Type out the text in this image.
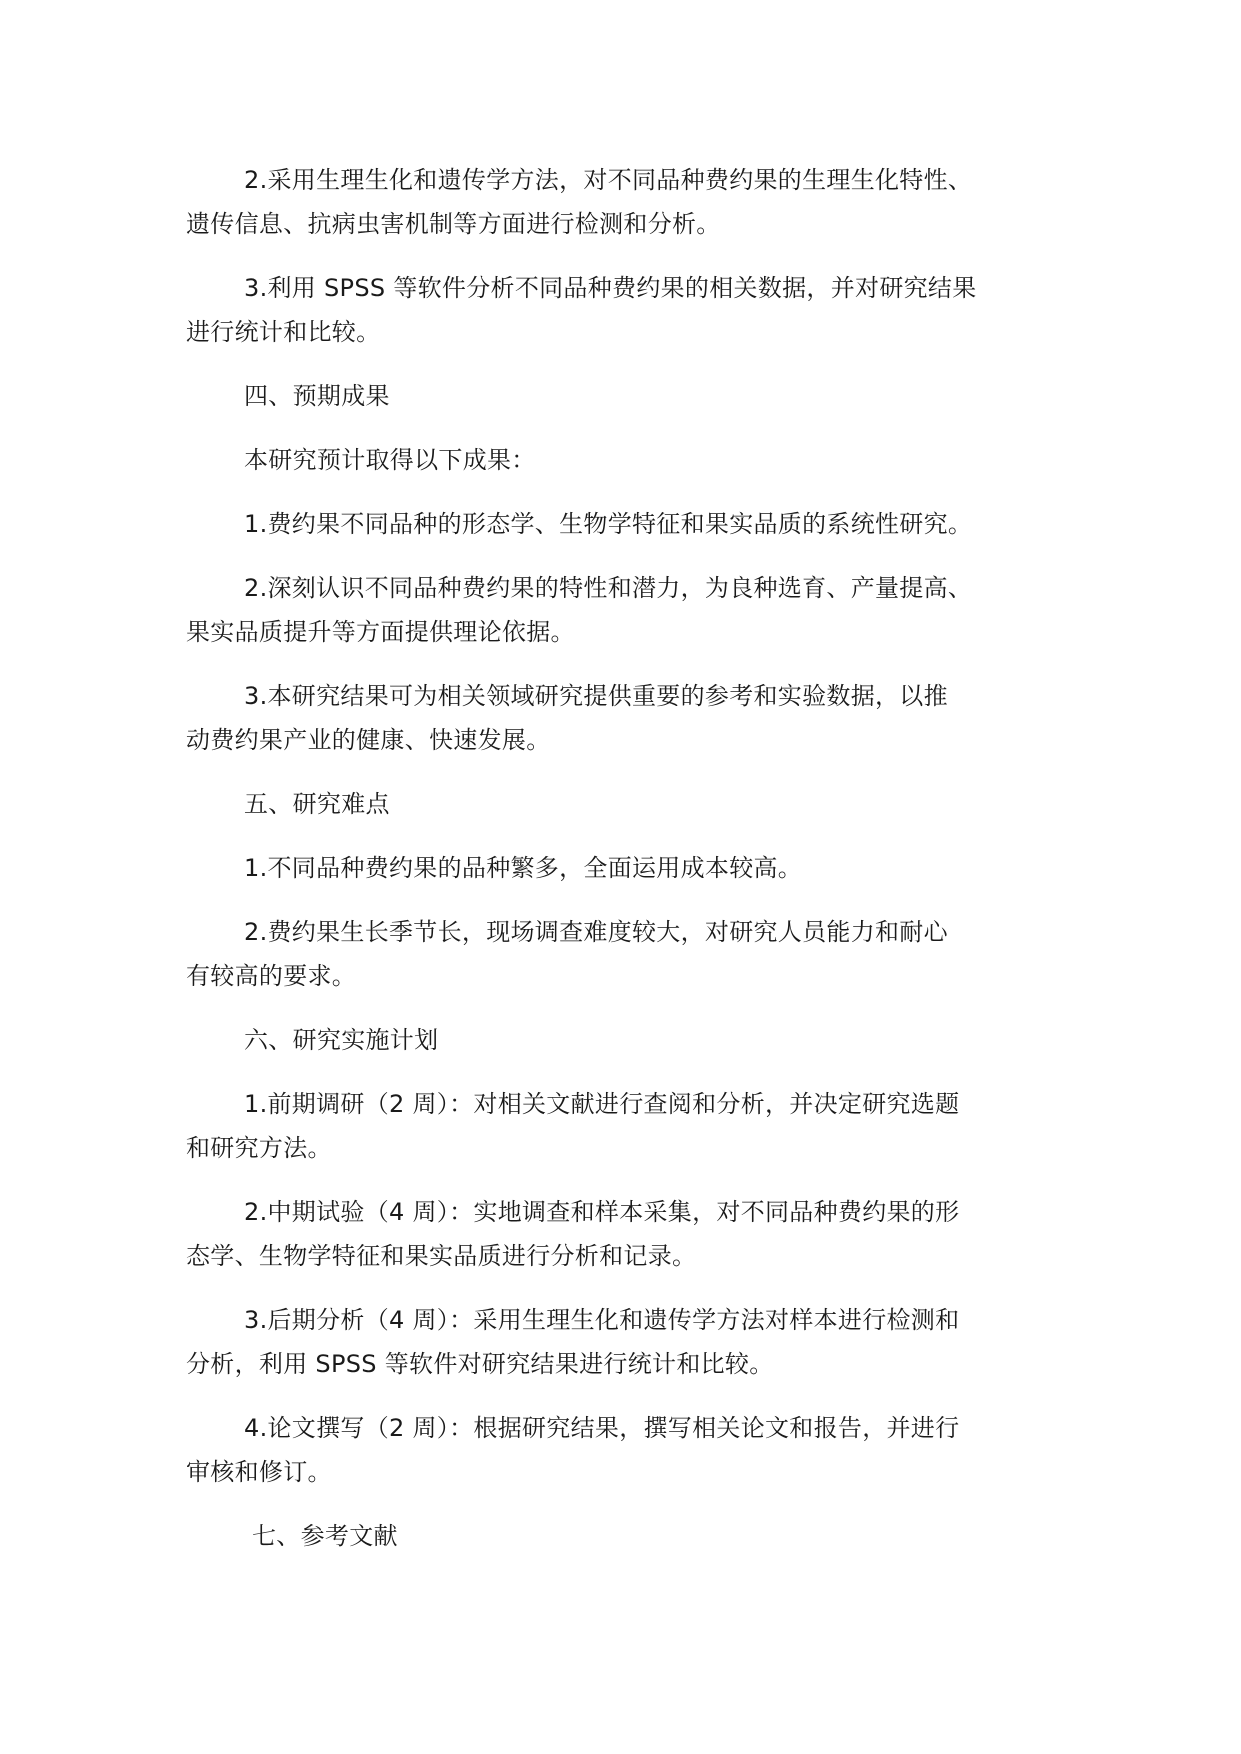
2.采用生理生化和遗传学方法，对不同品种费约果的生理生化特性、
遗传信息、抗病虫害机制等方面进行检测和分析。

3.利用 SPSS 等软件分析不同品种费约果的相关数据，并对研究结果
进行统计和比较。

四、预期成果

本研究预计取得以下成果：

1.费约果不同品种的形态学、生物学特征和果实品质的系统性研究。

2.深刻认识不同品种费约果的特性和潜力，为良种选育、产量提高、
果实品质提升等方面提供理论依据。

3.本研究结果可为相关领域研究提供重要的参考和实验数据，以推
动费约果产业的健康、快速发展。

五、研究难点

1.不同品种费约果的品种繁多，全面运用成本较高。

2.费约果生长季节长，现场调查难度较大，对研究人员能力和耐心
有较高的要求。

六、研究实施计划

1.前期调研（2 周）：对相关文献进行查阅和分析，并决定研究选题
和研究方法。

2.中期试验（4 周）：实地调查和样本采集，对不同品种费约果的形
态学、生物学特征和果实品质进行分析和记录。

3.后期分析（4 周）：采用生理生化和遗传学方法对样本进行检测和
分析，利用 SPSS 等软件对研究结果进行统计和比较。

4.论文撰写（2 周）：根据研究结果，撰写相关论文和报告，并进行
审核和修订。

七、参考文献
